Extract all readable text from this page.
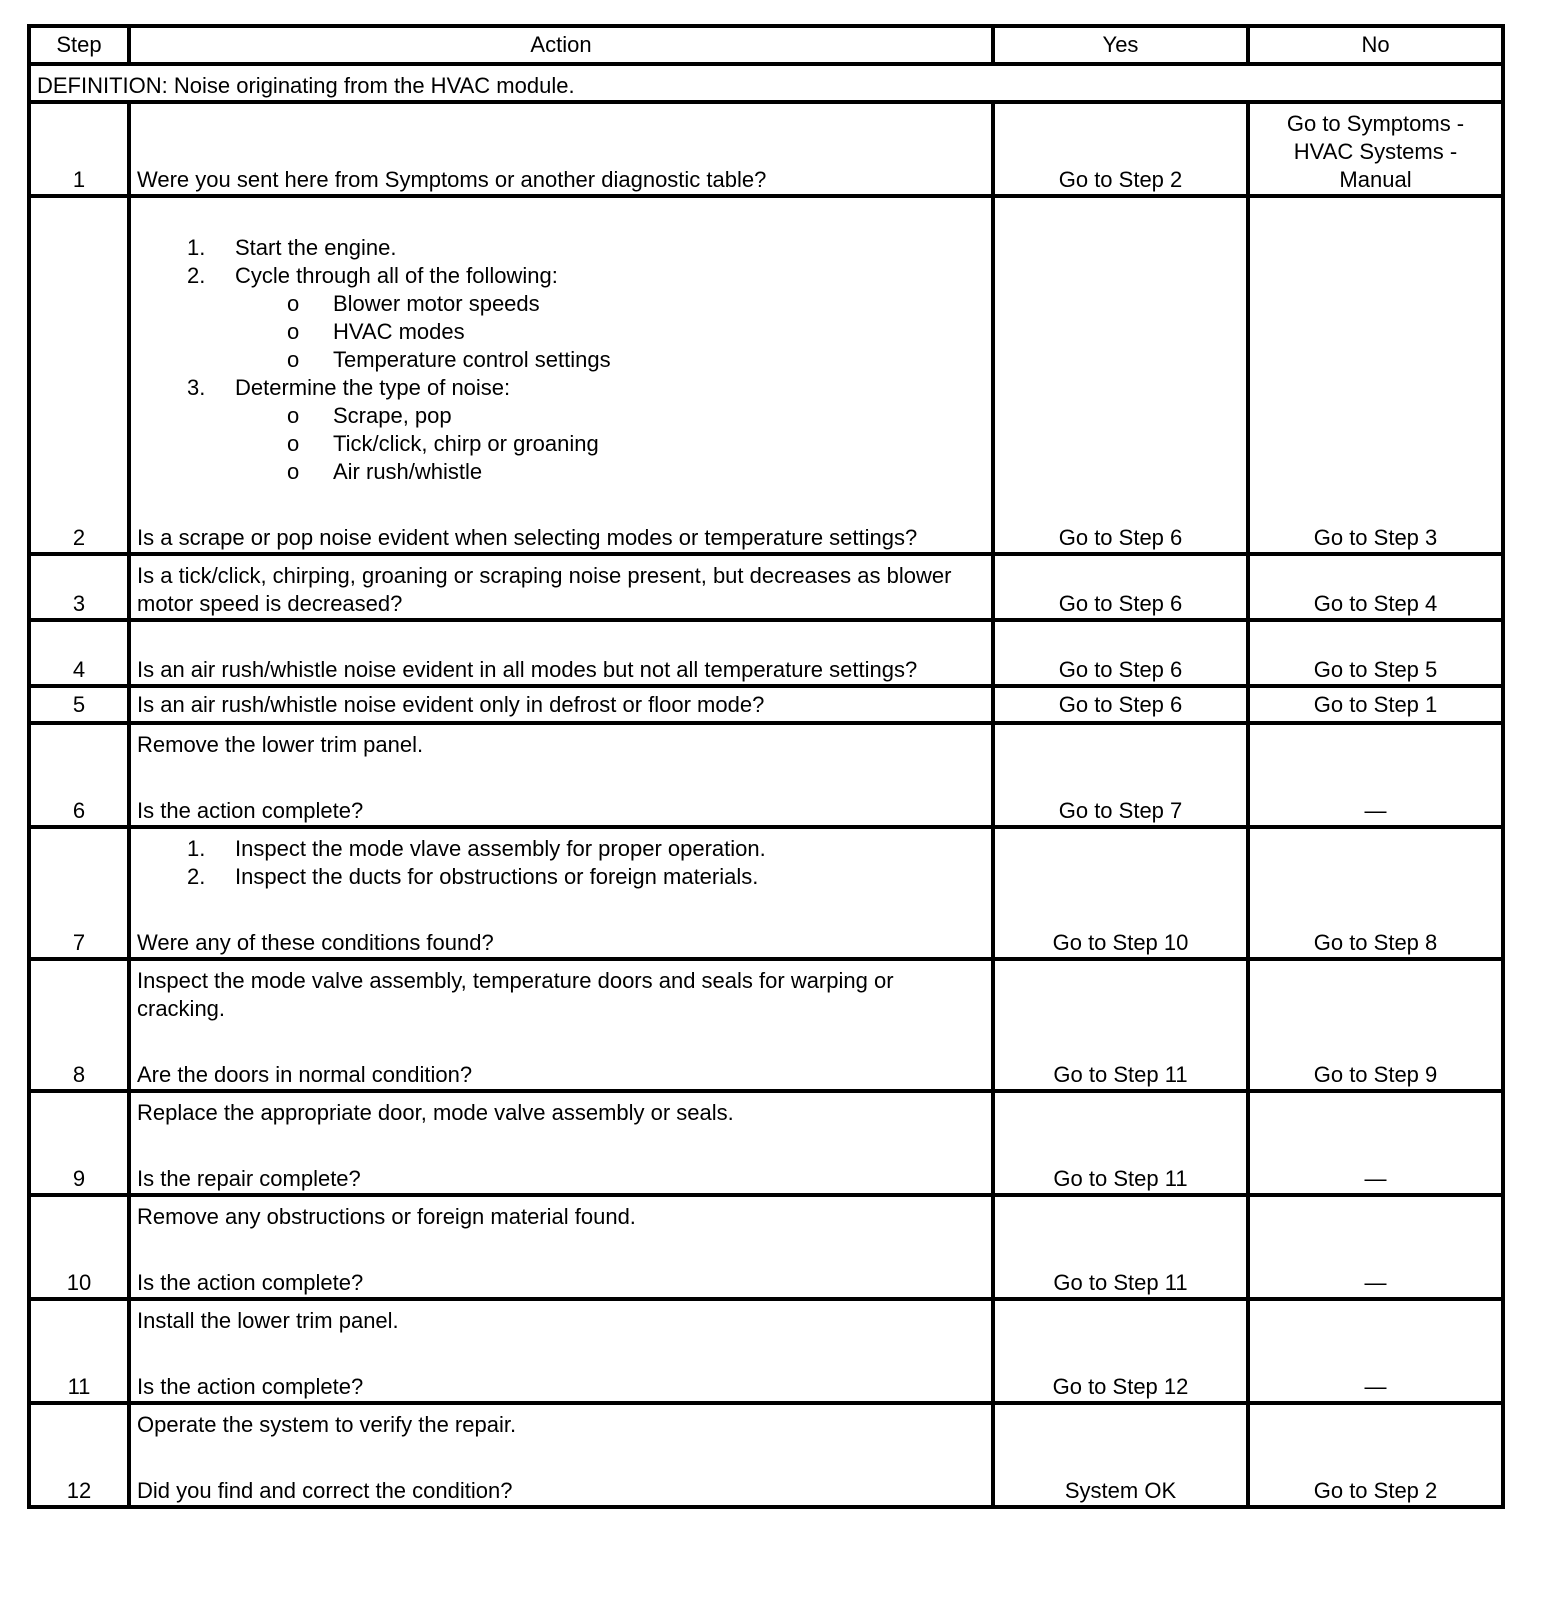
Step	Action	Yes	No
DEFINITION: Noise originating from the HVAC module.			
1	Were you sent here from Symptoms or another diagnostic table?	Go to Step 2	Go to Symptoms -
HVAC Systems -
Manual

2	
1. Start the engine.
2. Cycle through all of the following:
o Blower motor speeds
o HVAC modes
o Temperature control settings
3. Determine the type of noise:
o Scrape, pop
o Tick/click, chirp or groaning
o Air rush/whistle
Is a scrape or pop noise evident when selecting modes or temperature settings?	Go to Step 6	Go to Step 3
3	Is a tick/click, chirping, groaning or scraping noise present, but decreases as blower motor speed is decreased?	Go to Step 6	Go to Step 4
4	Is an air rush/whistle noise evident in all modes but not all temperature settings?	Go to Step 6	Go to Step 5
5	Is an air rush/whistle noise evident only in defrost or floor mode?	Go to Step 6	Go to Step 1
6	Remove the lower trim panel.
Is the action complete?	Go to Step 7	—
7	
1. Inspect the mode vlave assembly for proper operation.
2. Inspect the ducts for obstructions or foreign materials.
Were any of these conditions found?	Go to Step 10	Go to Step 8
8	Inspect the mode valve assembly, temperature doors and seals for warping or cracking.
Are the doors in normal condition?	Go to Step 11	Go to Step 9
9	Replace the appropriate door, mode valve assembly or seals.
Is the repair complete?	Go to Step 11	—
10	Remove any obstructions or foreign material found.
Is the action complete?	Go to Step 11	—
11	Install the lower trim panel.
Is the action complete?	Go to Step 12	—
12	Operate the system to verify the repair.
Did you find and correct the condition?	System OK	Go to Step 2
